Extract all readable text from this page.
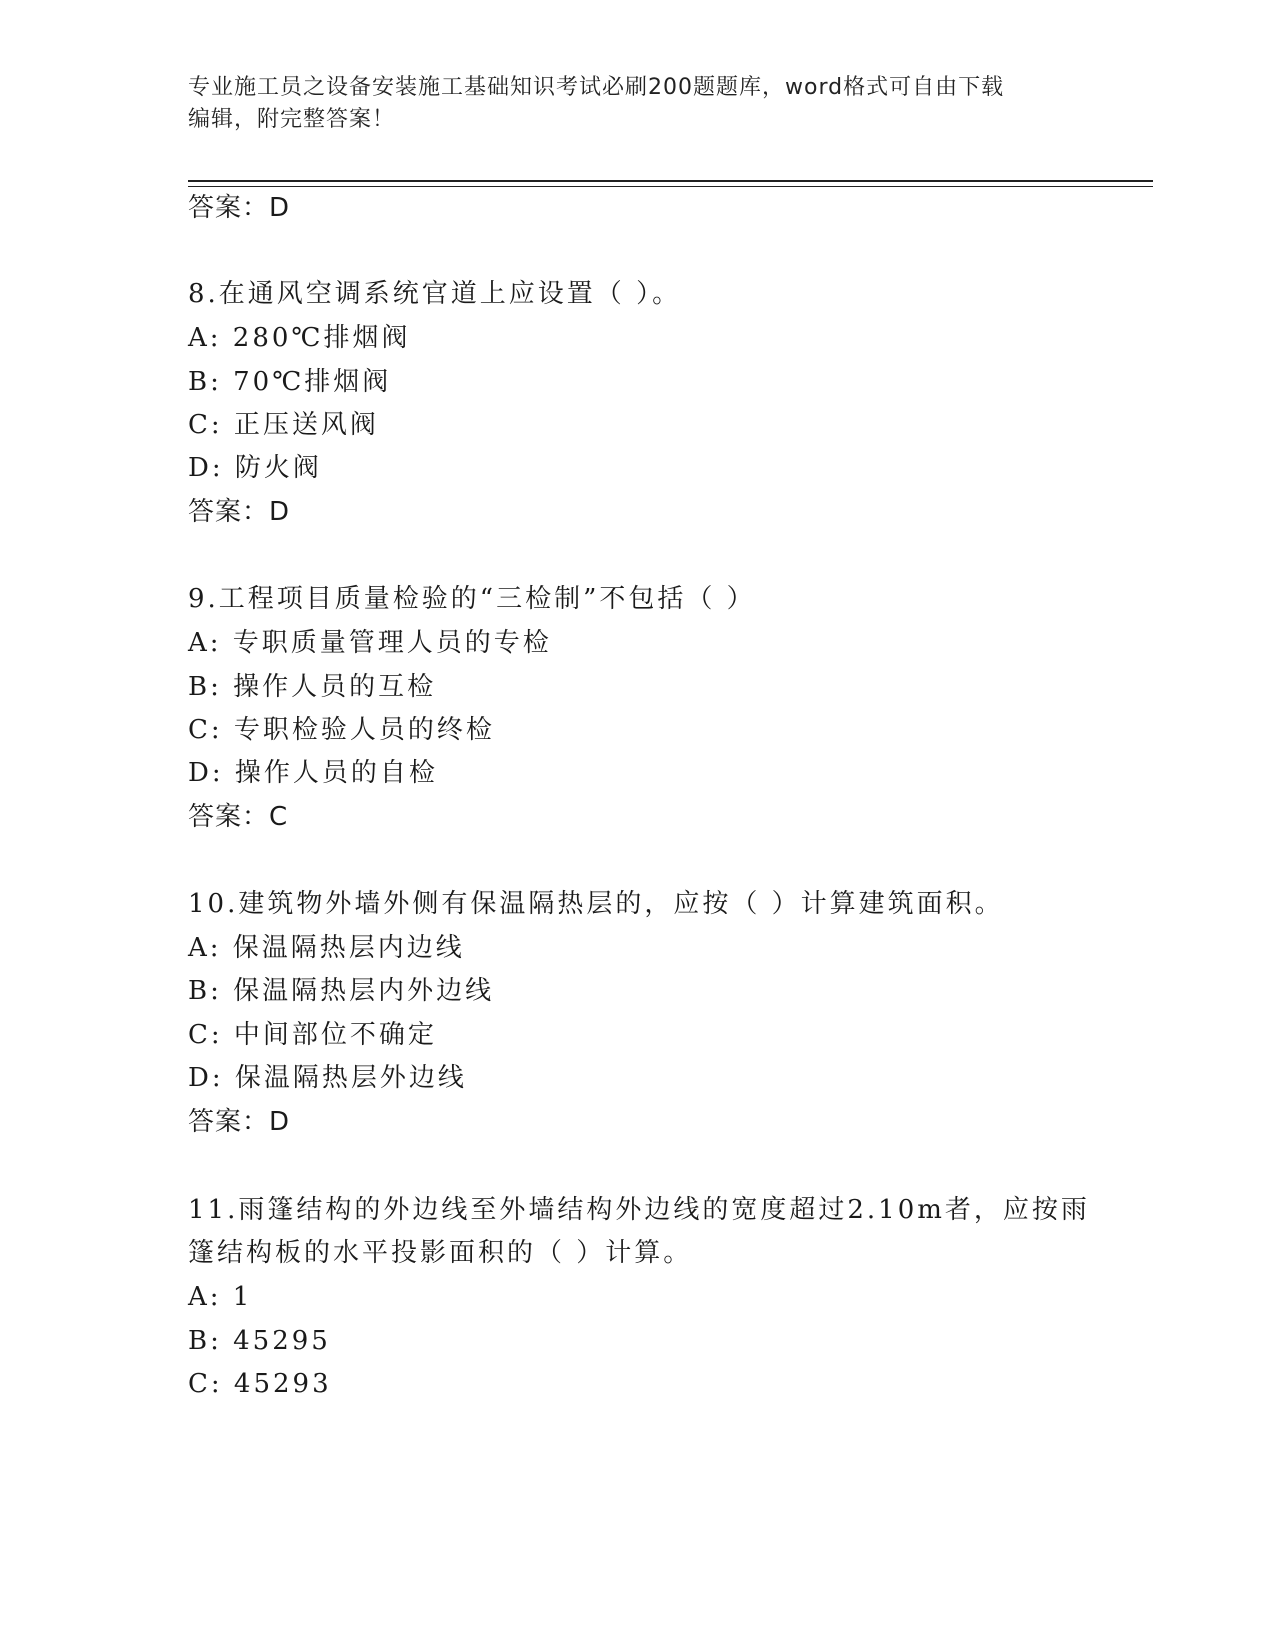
专业施工员之设备安装施工基础知识考试必刷200题题库，word格式可自由下载
编辑，附完整答案！
答案：D
8.在通风空调系统官道上应设置（ ）。
A: 280℃排烟阀
B: 70℃排烟阀
C: 正压送风阀
D: 防火阀
答案：D
9.工程项目质量检验的“三检制”不包括（ ）
A: 专职质量管理人员的专检
B: 操作人员的互检
C: 专职检验人员的终检
D: 操作人员的自检
答案：C
10.建筑物外墙外侧有保温隔热层的，应按（ ）计算建筑面积。
A: 保温隔热层内边线
B: 保温隔热层内外边线
C: 中间部位不确定
D: 保温隔热层外边线
答案：D
11.雨篷结构的外边线至外墙结构外边线的宽度超过2.10m者，应按雨
篷结构板的水平投影面积的（ ）计算。
A: 1
B: 45295
C: 45293
